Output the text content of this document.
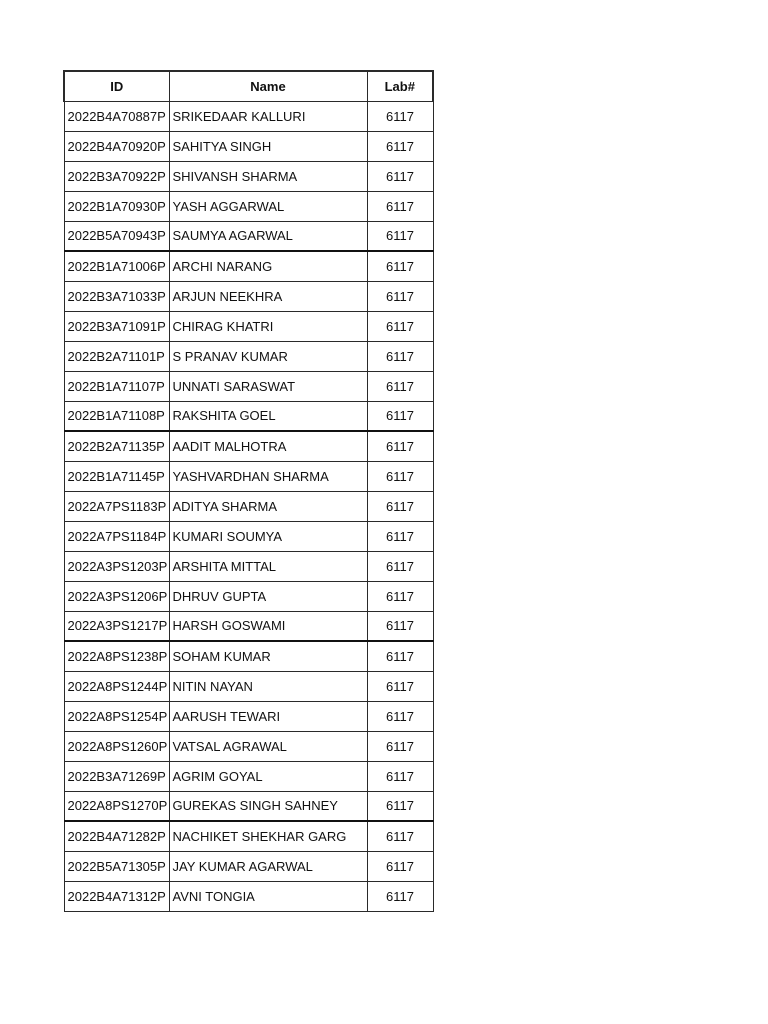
ID	Name	Lab#
2022B4A70887P	SRIKEDAAR KALLURI	6117
2022B4A70920P	SAHITYA SINGH	6117
2022B3A70922P	SHIVANSH SHARMA	6117
2022B1A70930P	YASH AGGARWAL	6117
2022B5A70943P	SAUMYA AGARWAL	6117
2022B1A71006P	ARCHI NARANG	6117
2022B3A71033P	ARJUN NEEKHRA	6117
2022B3A71091P	CHIRAG KHATRI	6117
2022B2A71101P	S PRANAV KUMAR	6117
2022B1A71107P	UNNATI SARASWAT	6117
2022B1A71108P	RAKSHITA GOEL	6117
2022B2A71135P	AADIT MALHOTRA	6117
2022B1A71145P	YASHVARDHAN SHARMA	6117
2022A7PS1183P	ADITYA SHARMA	6117
2022A7PS1184P	KUMARI SOUMYA	6117
2022A3PS1203P	ARSHITA MITTAL	6117
2022A3PS1206P	DHRUV GUPTA	6117
2022A3PS1217P	HARSH GOSWAMI	6117
2022A8PS1238P	SOHAM KUMAR	6117
2022A8PS1244P	NITIN NAYAN	6117
2022A8PS1254P	AARUSH TEWARI	6117
2022A8PS1260P	VATSAL AGRAWAL	6117
2022B3A71269P	AGRIM GOYAL	6117
2022A8PS1270P	GUREKAS SINGH SAHNEY	6117
2022B4A71282P	NACHIKET SHEKHAR GARG	6117
2022B5A71305P	JAY KUMAR AGARWAL	6117
2022B4A71312P	AVNI TONGIA	6117
